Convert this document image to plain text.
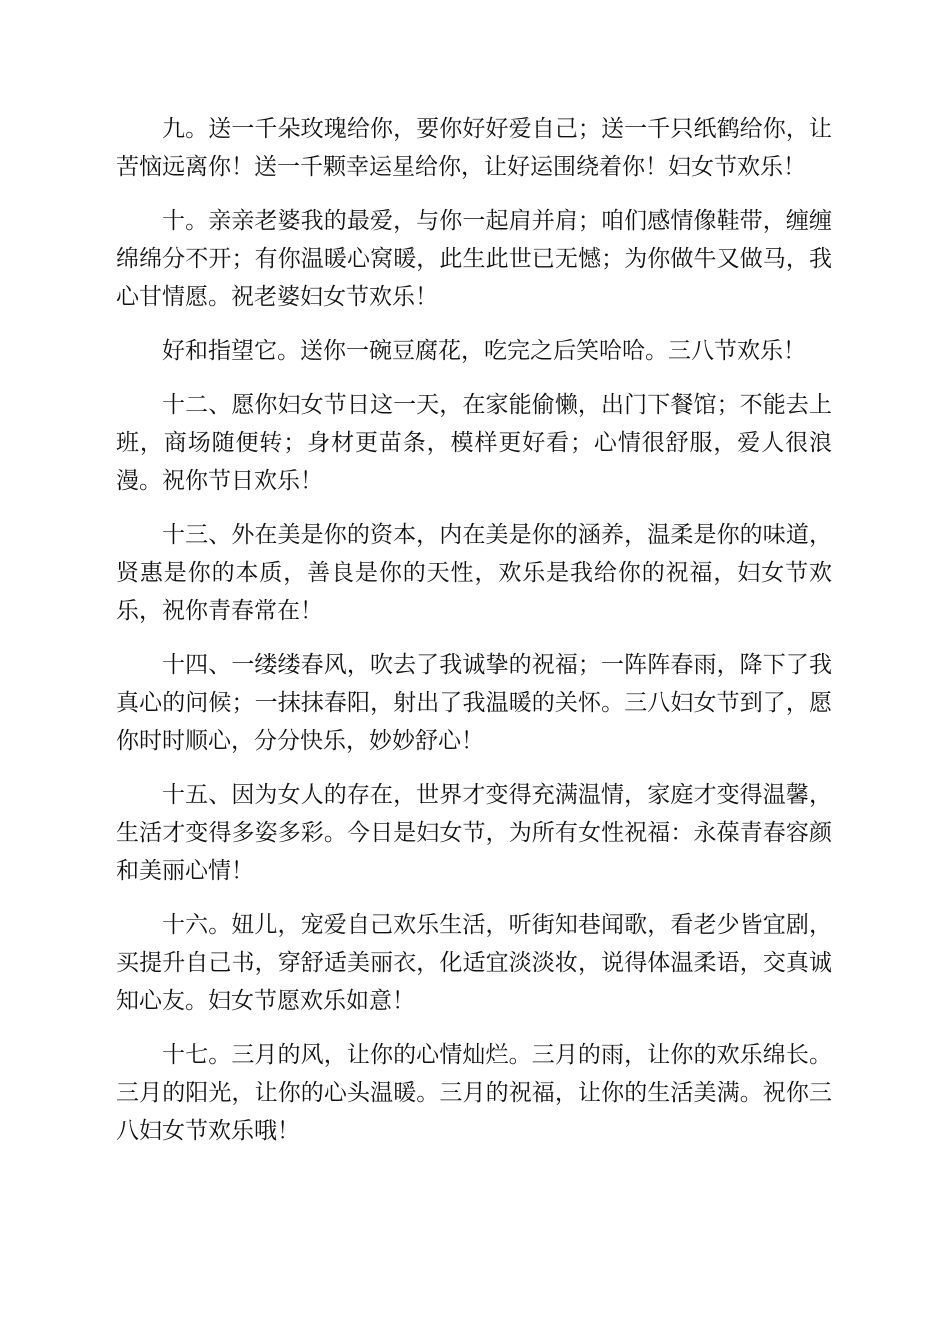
九。送一千朵玫瑰给你，要你好好爱自己；送一千只纸鹤给你，让苦恼远离你！送一千颗幸运星给你，让好运围绕着你！妇女节欢乐！

十。亲亲老婆我的最爱，与你一起肩并肩；咱们感情像鞋带，缠缠绵绵分不开；有你温暖心窝暖，此生此世已无憾；为你做牛又做马，我心甘情愿。祝老婆妇女节欢乐！

好和指望它。送你一碗豆腐花，吃完之后笑哈哈。三八节欢乐！

十二、愿你妇女节日这一天，在家能偷懒，出门下餐馆；不能去上班，商场随便转；身材更苗条，模样更好看；心情很舒服，爱人很浪漫。祝你节日欢乐！

十三、外在美是你的资本，内在美是你的涵养，温柔是你的味道，贤惠是你的本质，善良是你的天性，欢乐是我给你的祝福，妇女节欢乐，祝你青春常在！

十四、一缕缕春风，吹去了我诚挚的祝福；一阵阵春雨，降下了我真心的问候；一抹抹春阳，射出了我温暖的关怀。三八妇女节到了，愿你时时顺心，分分快乐，妙妙舒心！

十五、因为女人的存在，世界才变得充满温情，家庭才变得温馨，生活才变得多姿多彩。今日是妇女节，为所有女性祝福：永葆青春容颜和美丽心情！

十六。妞儿，宠爱自己欢乐生活，听街知巷闻歌，看老少皆宜剧，买提升自己书，穿舒适美丽衣，化适宜淡淡妆，说得体温柔语，交真诚知心友。妇女节愿欢乐如意！

十七。三月的风，让你的心情灿烂。三月的雨，让你的欢乐绵长。三月的阳光，让你的心头温暖。三月的祝福，让你的生活美满。祝你三八妇女节欢乐哦！
